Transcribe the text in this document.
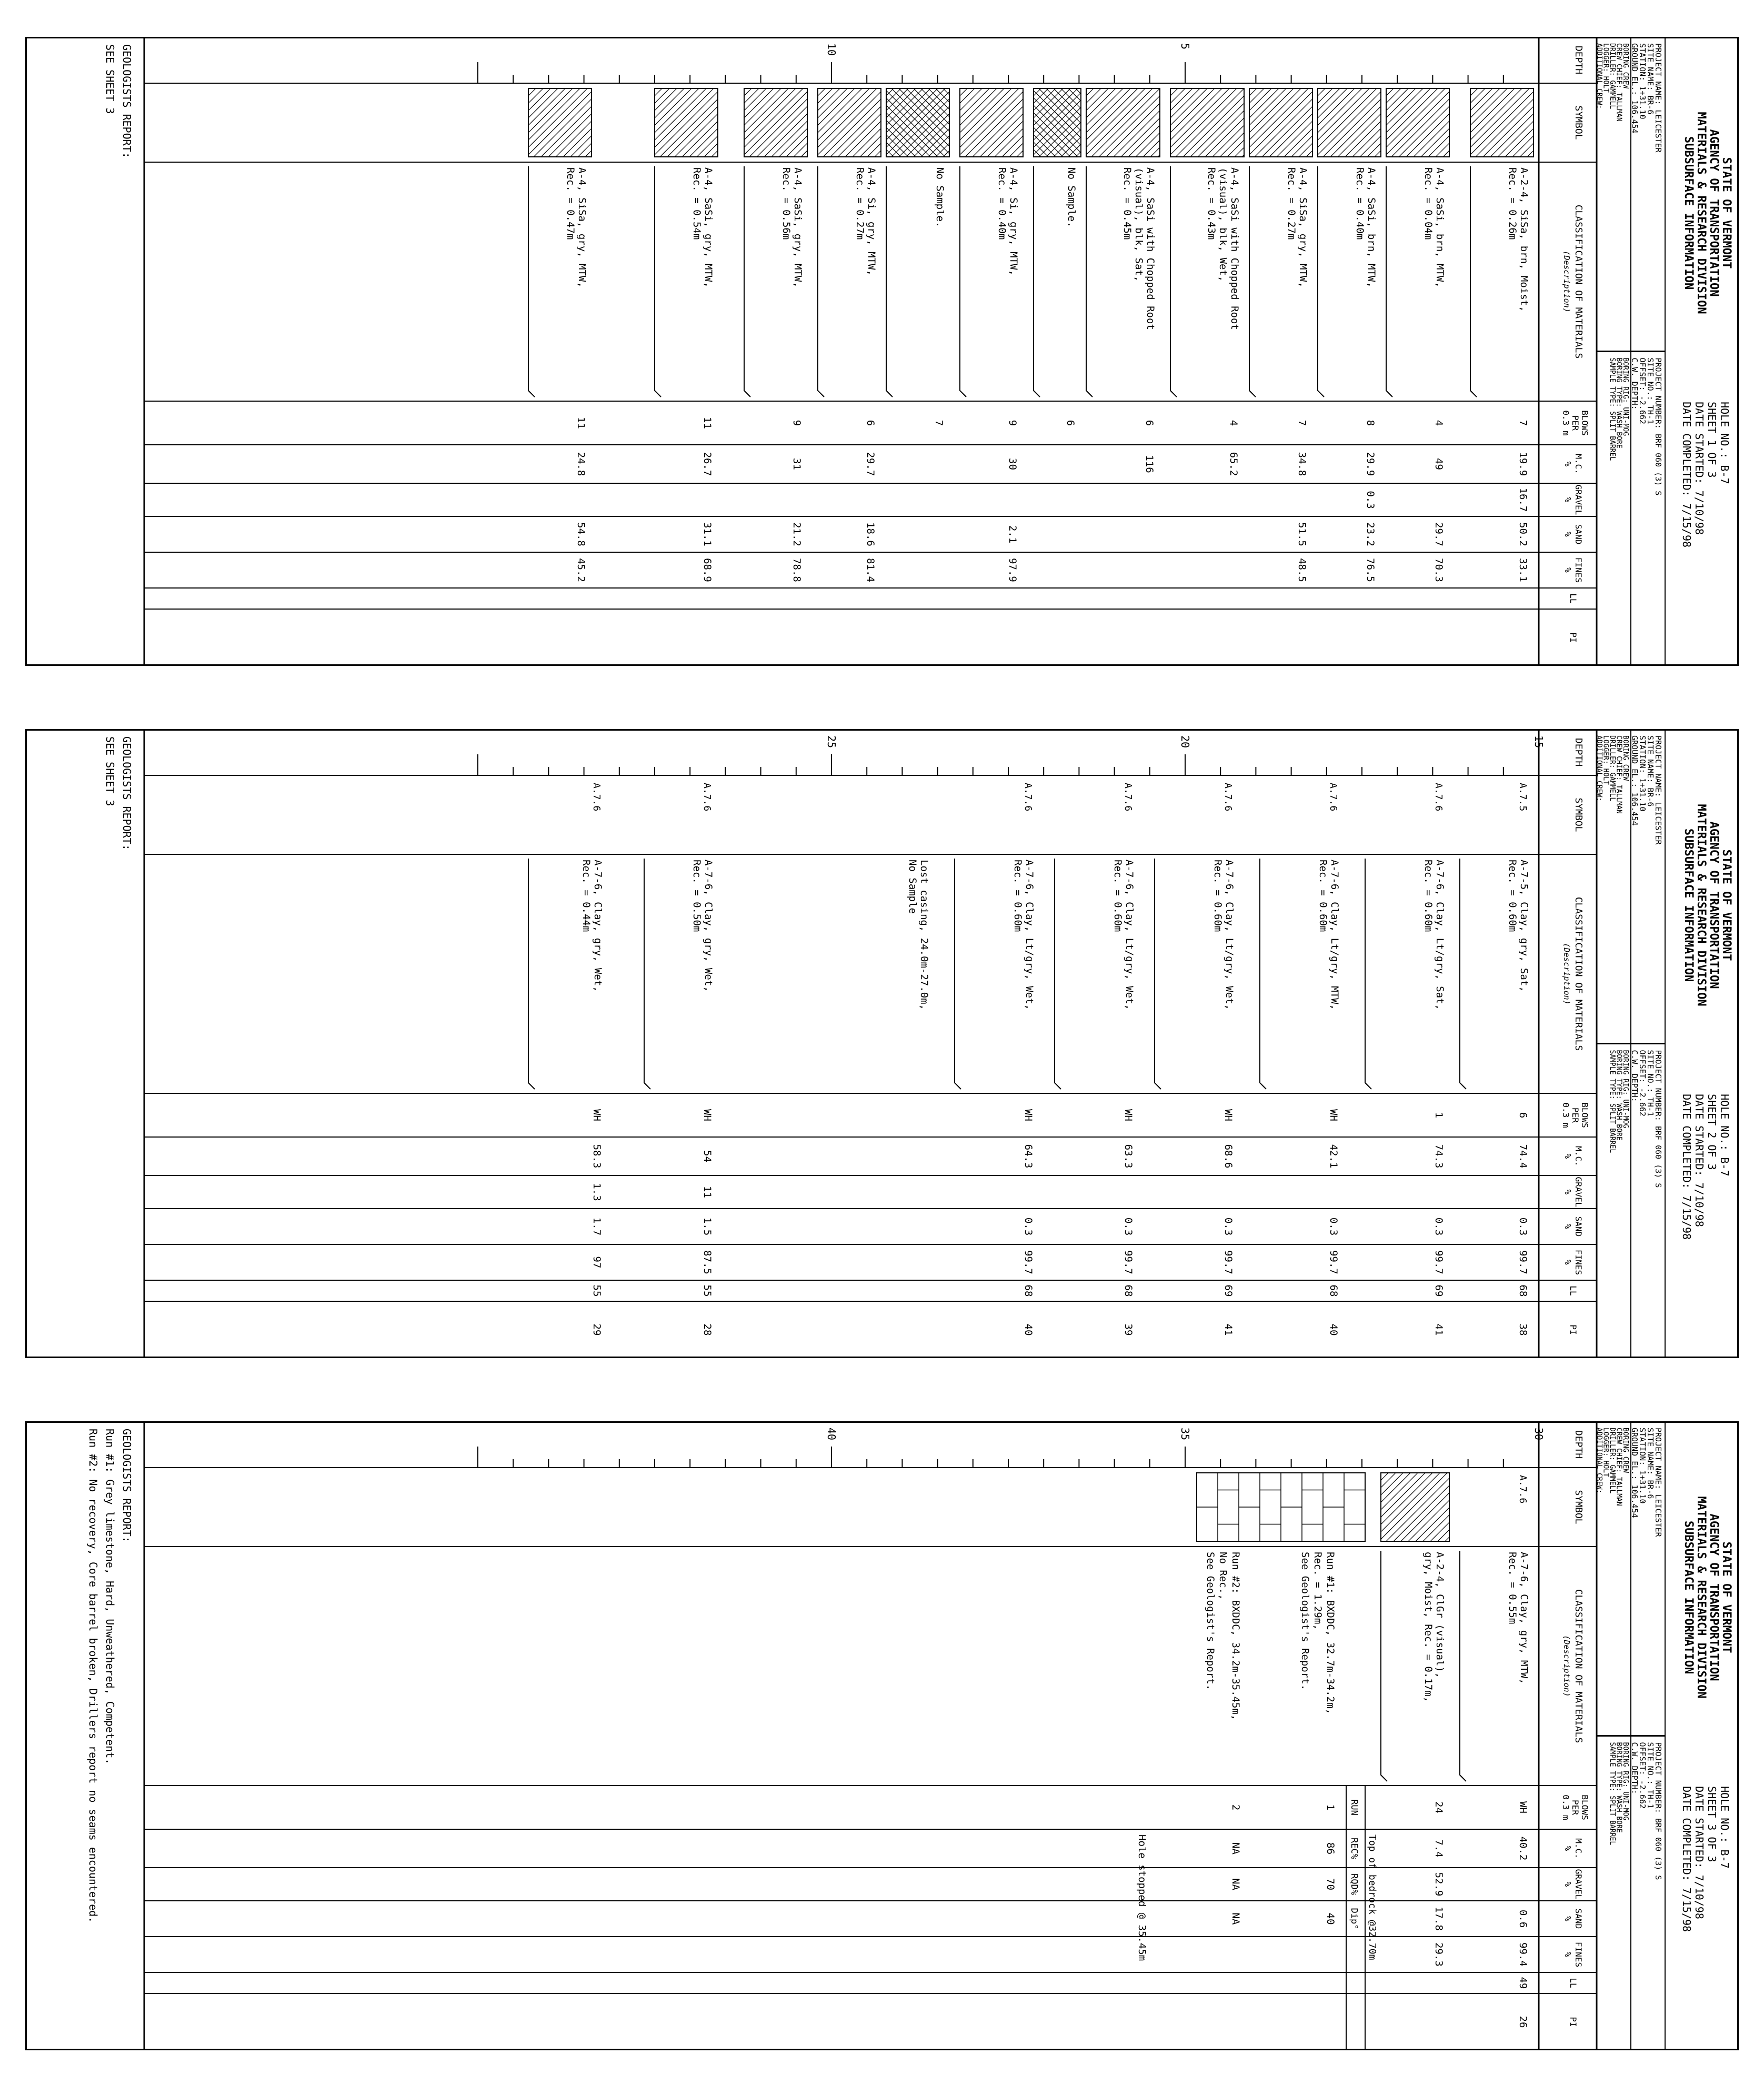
STATE OF VERMONT
AGENCY OF TRANSPORTATION
MATERIALS & RESEARCH DIVISION
SUBSURFACE INFORMATION
HOLE NO.: B-7
SHEET 1 OF 3
DATE STARTED: 7/10/98
DATE COMPLETED: 7/15/98
PROJECT NAME: LEICESTER
SITE NAME: BR-6
STATION: 1+31.10
GROUND EL.: 106.454
PROJECT NUMBER: BRF 060 (3) S
SITE NO.: TH-1
OFFSET: -2.662
C.W. DEPTH:
BORING CREW
CREW CHIEF: TALLMAN
DRILLER: GAMMELL
LOGGER: HOLT
ADDITIONAL CREW:
BORING RIG: UNI-MOG
BORING TYPE: WASH BORE
SAMPLE TYPE: SPLIT BARREL
DEPTH
SYMBOL
CLASSIFICATION OF MATERIALS
(Description)
BLOWS
PER
0.3 m
M.C.
%
GRAVEL
%
SAND
%
FINES
%
LL
PI
5
10
GEOLOGISTS REPORT:
SEE SHEET 3
A-2-4, SiSa, brn, Moist,
Rec. = 0.26m
7
19.9
16.7
50.2
33.1
A-4, SaSi, brn, MTW,
Rec. = 0.04m
4
49
29.7
70.3
A-4, SaSi, brn, MTW,
Rec. = 0.40m
8
29.9
0.3
23.2
76.5
A-4, SiSa, gry, MTW,
Rec. = 0.27m
7
34.8
51.5
48.5
A-4, SaSi with Chopped Root
(visual), blk, Wet,
Rec. = 0.43m
4
65.2
A-4, SaSi with Chopped Root
(visual), blk, Sat,
Rec. = 0.45m
6
116
No Sample.
6
A-4, Si, gry, MTW,
Rec. = 0.40m
9
30
2.1
97.9
No Sample.
7
A-4, Si, gry, MTW,
Rec. = 0.27m
6
29.7
18.6
81.4
A-4, SaSi, gry, MTW,
Rec. = 0.56m
9
31
21.2
78.8
A-4, SaSi, gry, MTW,
Rec. = 0.54m
11
26.7
31.1
68.9
A-4, SiSa, gry, MTW,
Rec. = 0.47m
11
24.8
54.8
45.2
STATE OF VERMONT
AGENCY OF TRANSPORTATION
MATERIALS & RESEARCH DIVISION
SUBSURFACE INFORMATION
HOLE NO.: B-7
SHEET 2 OF 3
DATE STARTED: 7/10/98
DATE COMPLETED: 7/15/98
PROJECT NAME: LEICESTER
SITE NAME: BR-6
STATION: 1+31.10
GROUND EL.: 106.454
PROJECT NUMBER: BRF 060 (3) S
SITE NO.: TH-1
OFFSET: -2.662
C.W. DEPTH:
BORING CREW
CREW CHIEF: TALLMAN
DRILLER: GAMMELL
LOGGER: HOLT
ADDITIONAL CREW:
BORING RIG: UNI-MOG
BORING TYPE: WASH BORE
SAMPLE TYPE: SPLIT BARREL
DEPTH
SYMBOL
CLASSIFICATION OF MATERIALS
(Description)
BLOWS
PER
0.3 m
M.C.
%
GRAVEL
%
SAND
%
FINES
%
LL
PI
15
20
25
GEOLOGISTS REPORT:
SEE SHEET 3	A.7.5
A-7-5, Clay, gry, Sat,
Rec. = 0.60m
6
74.4
0.3
99.7
68
38
A.7.6
A-7-6, Clay, Lt/gry, Sat,
Rec. = 0.60m
1
74.3
0.3
99.7
69
41
A.7.6
A-7-6, Clay, Lt/gry, MTW,
Rec. = 0.60m
WH
42.1
0.3
99.7
68
40
A.7.6
A-7-6, Clay, Lt/gry, Wet,
Rec. = 0.60m
WH
68.6
0.3
99.7
69
41
A.7.6
A-7-6, Clay, Lt/gry, Wet,
Rec. = 0.60m
WH
63.3
0.3
99.7
68
39
A.7.6
A-7-6, Clay, Lt/gry, Wet,
Rec. = 0.60m
WH
64.3
0.3
99.7
68
40
Lost casing, 24.0m-27.0m,
No Sample
A.7.6
A-7-6, Clay, gry, Wet,
Rec. = 0.50m
WH
54
11
1.5
87.5
55
28
A.7.6
A-7-6, Clay, gry, Wet,
Rec. = 0.44m
WH
58.3
1.3
1.7
97
55
29
STATE OF VERMONT
AGENCY OF TRANSPORTATION
MATERIALS & RESEARCH DIVISION
SUBSURFACE INFORMATION
HOLE NO.: B-7
SHEET 3 OF 3
DATE STARTED: 7/10/98
DATE COMPLETED: 7/15/98
PROJECT NAME: LEICESTER
SITE NAME: BR-6
STATION: 1+31.10
GROUND EL.: 106.454
PROJECT NUMBER: BRF 060 (3) S
SITE NO.: TH-1
OFFSET: -2.662
C.W. DEPTH:
BORING CREW
CREW CHIEF: TALLMAN
DRILLER: GAMMELL
LOGGER: HOLT
ADDITIONAL CREW:
BORING RIG: UNI-MOG
BORING TYPE: WASH BORE
SAMPLE TYPE: SPLIT BARREL
DEPTH
SYMBOL
CLASSIFICATION OF MATERIALS
(Description)
BLOWS
PER
0.3 m
M.C.
%
GRAVEL
%
SAND
%
FINES
%
LL
PI
30
35
40
GEOLOGISTS REPORT:
Run #1: Grey limestone, Hard, Unweathered, Competent.
Run #2: No recovery, Core barrel broken, Drillers report no seams encountered.	A.7.6
A-7-6, Clay, gry, MTW,
Rec. = 0.55m
WH
40.2
0.6
99.4
49
26
A-2-4, ClGr (visual),
gry, Moist, Rec. = 0.17m,
24
7.4
52.9
17.8
29.3
Top of bedrock @32.70m
RUN
REC%
RQD%
Dip°
Run #1: BXDDC, 32.7m-34.2m,
Rec. = 1.29m,
See Geologist's Report.
1
86
70
40
Run #2: BXDDC, 34.2m-35.45m,
No Rec.,
See Geologist's Report.
2
NA
NA
NA
Hole stopped @ 35.45m
